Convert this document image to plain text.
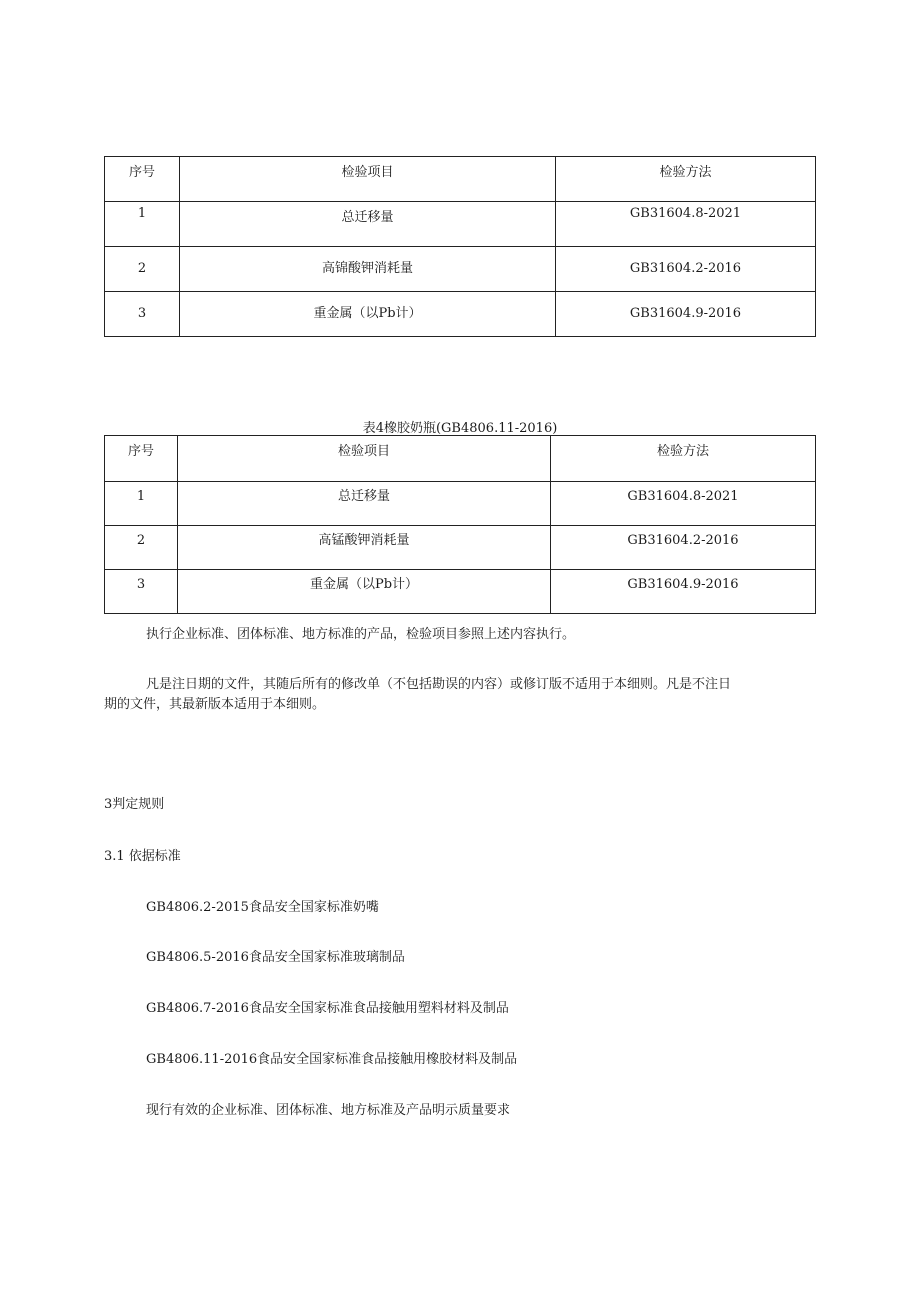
序号	检验项目	检验方法
1	总迁移量	GB31604.8-2021
2	高锦酸钾消耗量	GB31604.2-2016
3	重金属（以Pb计）	GB31604.9-2016
表4橡胶奶瓶(GB4806.11-2016)
序号	检验项目	检验方法
1	总迁移量	GB31604.8-2021
2	高锰酸钾消耗量	GB31604.2-2016
3	重金属（以Pb计）	GB31604.9-2016
执行企业标准、团体标准、地方标准的产品，检验项目参照上述内容执行。
凡是注日期的文件，其随后所有的修改单（不包括勘误的内容）或修订版不适用于本细则。凡是不注日
期的文件，其最新版本适用于本细则。
3判定规则
3.1 依据标准
GB4806.2-2015食品安全国家标准奶嘴
GB4806.5-2016食品安全国家标准玻璃制品
GB4806.7-2016食品安全国家标准食品接触用塑料材料及制品
GB4806.11-2016食品安全国家标准食品接触用橡胶材料及制品
现行有效的企业标准、团体标准、地方标准及产品明示质量要求
